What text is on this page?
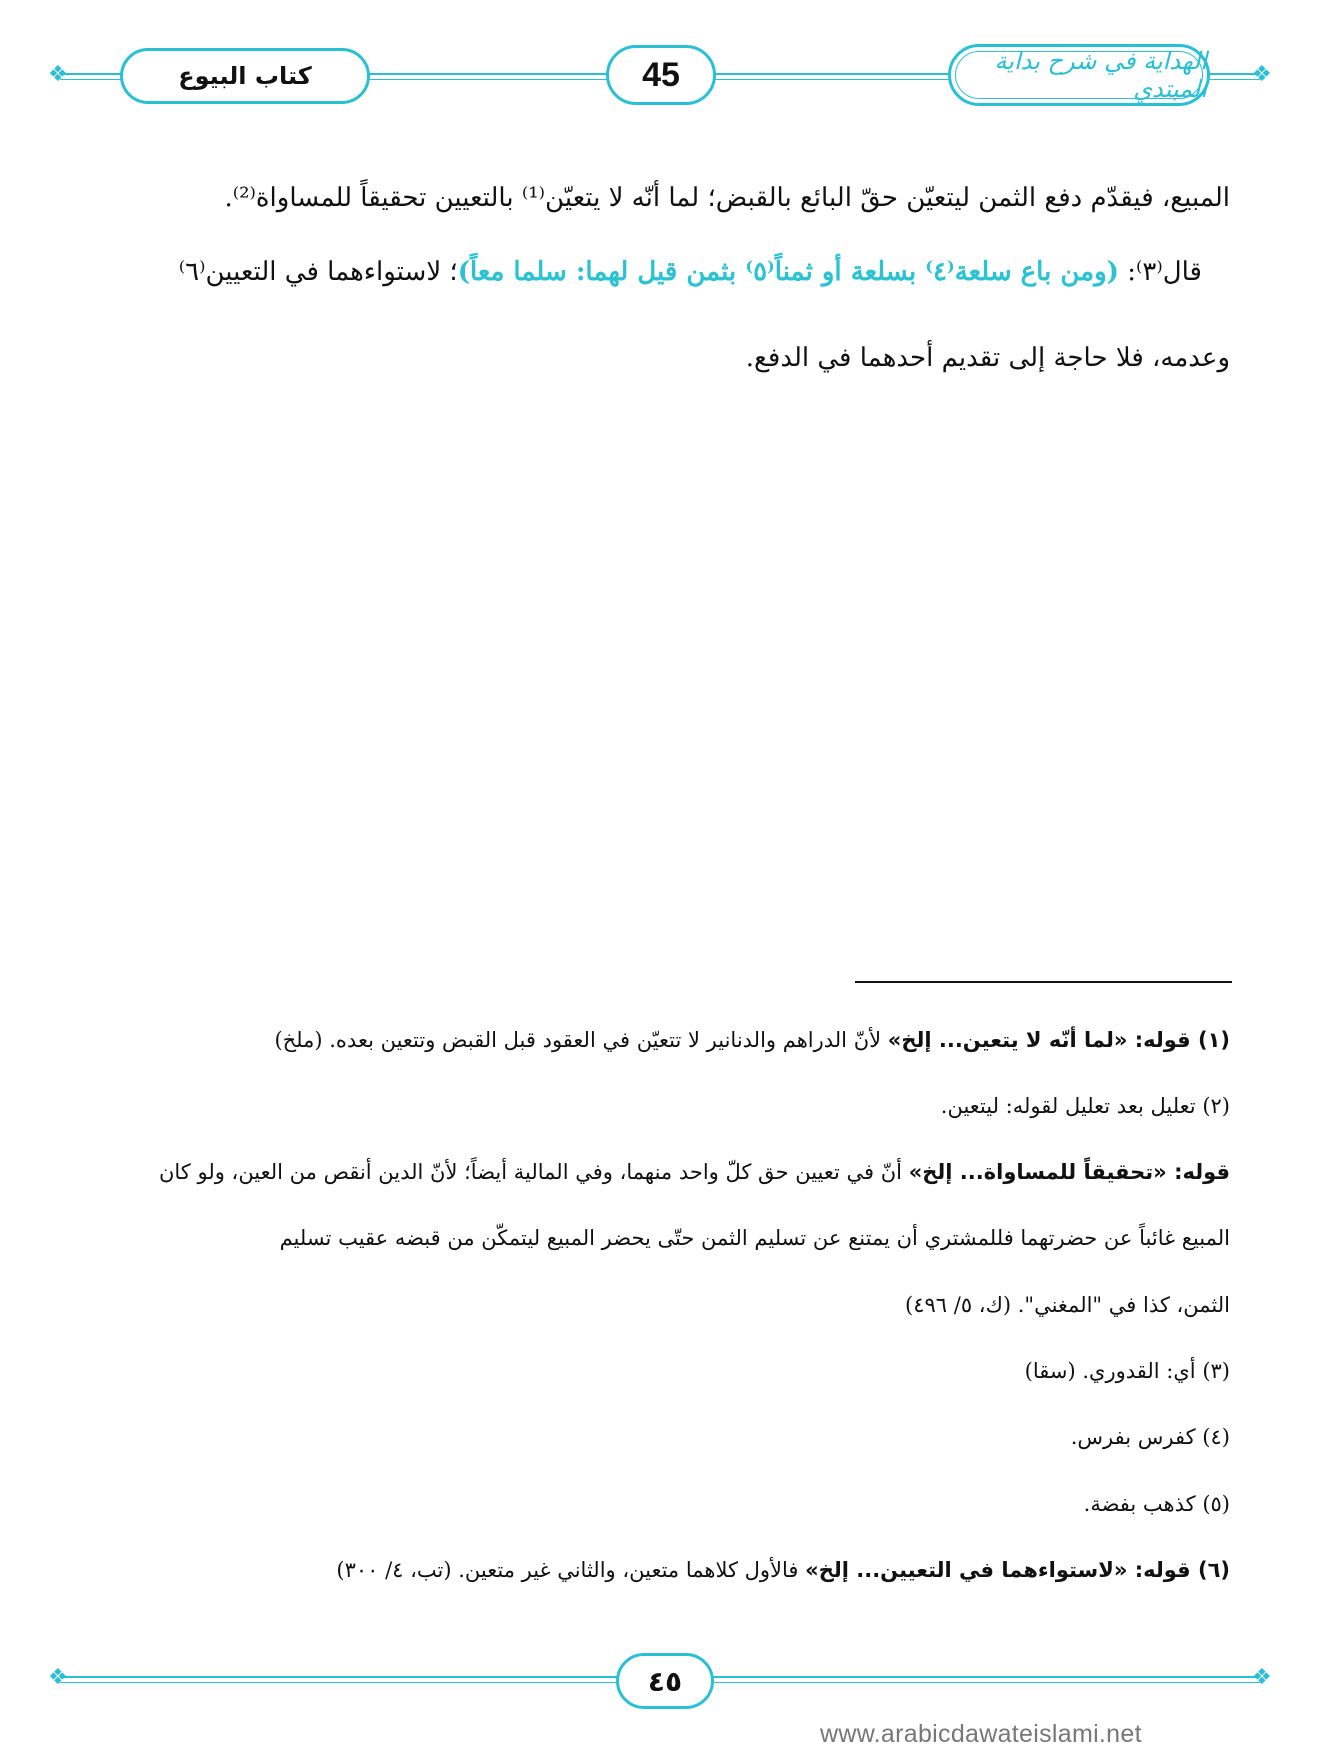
❖	❖
كتاب البيوع	45	الهداية في شرح بداية المبتدي

المبيع، فيقدّم دفع الثمن ليتعيّن حقّ البائع بالقبض؛ لما أنّه لا يتعيّن⁽¹⁾ بالتعيين تحقيقاً للمساواة⁽²⁾.

قال⁽٣⁾: (ومن باع سلعة⁽٤⁾ بسلعة أو ثمناً⁽٥⁾ بثمن قيل لهما: سلما معاً)؛ لاستواءهما في التعيين⁽٦⁾

وعدمه، فلا حاجة إلى تقديم أحدهما في الدفع.

(١) قوله: «لما أنّه لا يتعين... إلخ» لأنّ الدراهم والدنانير لا تتعيّن في العقود قبل القبض وتتعين بعده. (ملخ)
(٢) تعليل بعد تعليل لقوله: ليتعين.
قوله: «تحقيقاً للمساواة... إلخ» أنّ في تعيين حق كلّ واحد منهما، وفي المالية أيضاً؛ لأنّ الدين أنقص من العين، ولو كان
المبيع غائباً عن حضرتهما فللمشتري أن يمتنع عن تسليم الثمن حتّى يحضر المبيع ليتمكّن من قبضه عقيب تسليم
الثمن، كذا في "المغني". (ك، ٥/ ٤٩٦)
(٣) أي: القدوري. (سقا)
(٤) كفرس بفرس.
(٥) كذهب بفضة.
(٦) قوله: «لاستواءهما في التعيين... إلخ» فالأول كلاهما متعين، والثاني غير متعين. (تب، ٤/ ٣٠٠)
❖	❖
٤٥
www.arabicdawateislami.net
